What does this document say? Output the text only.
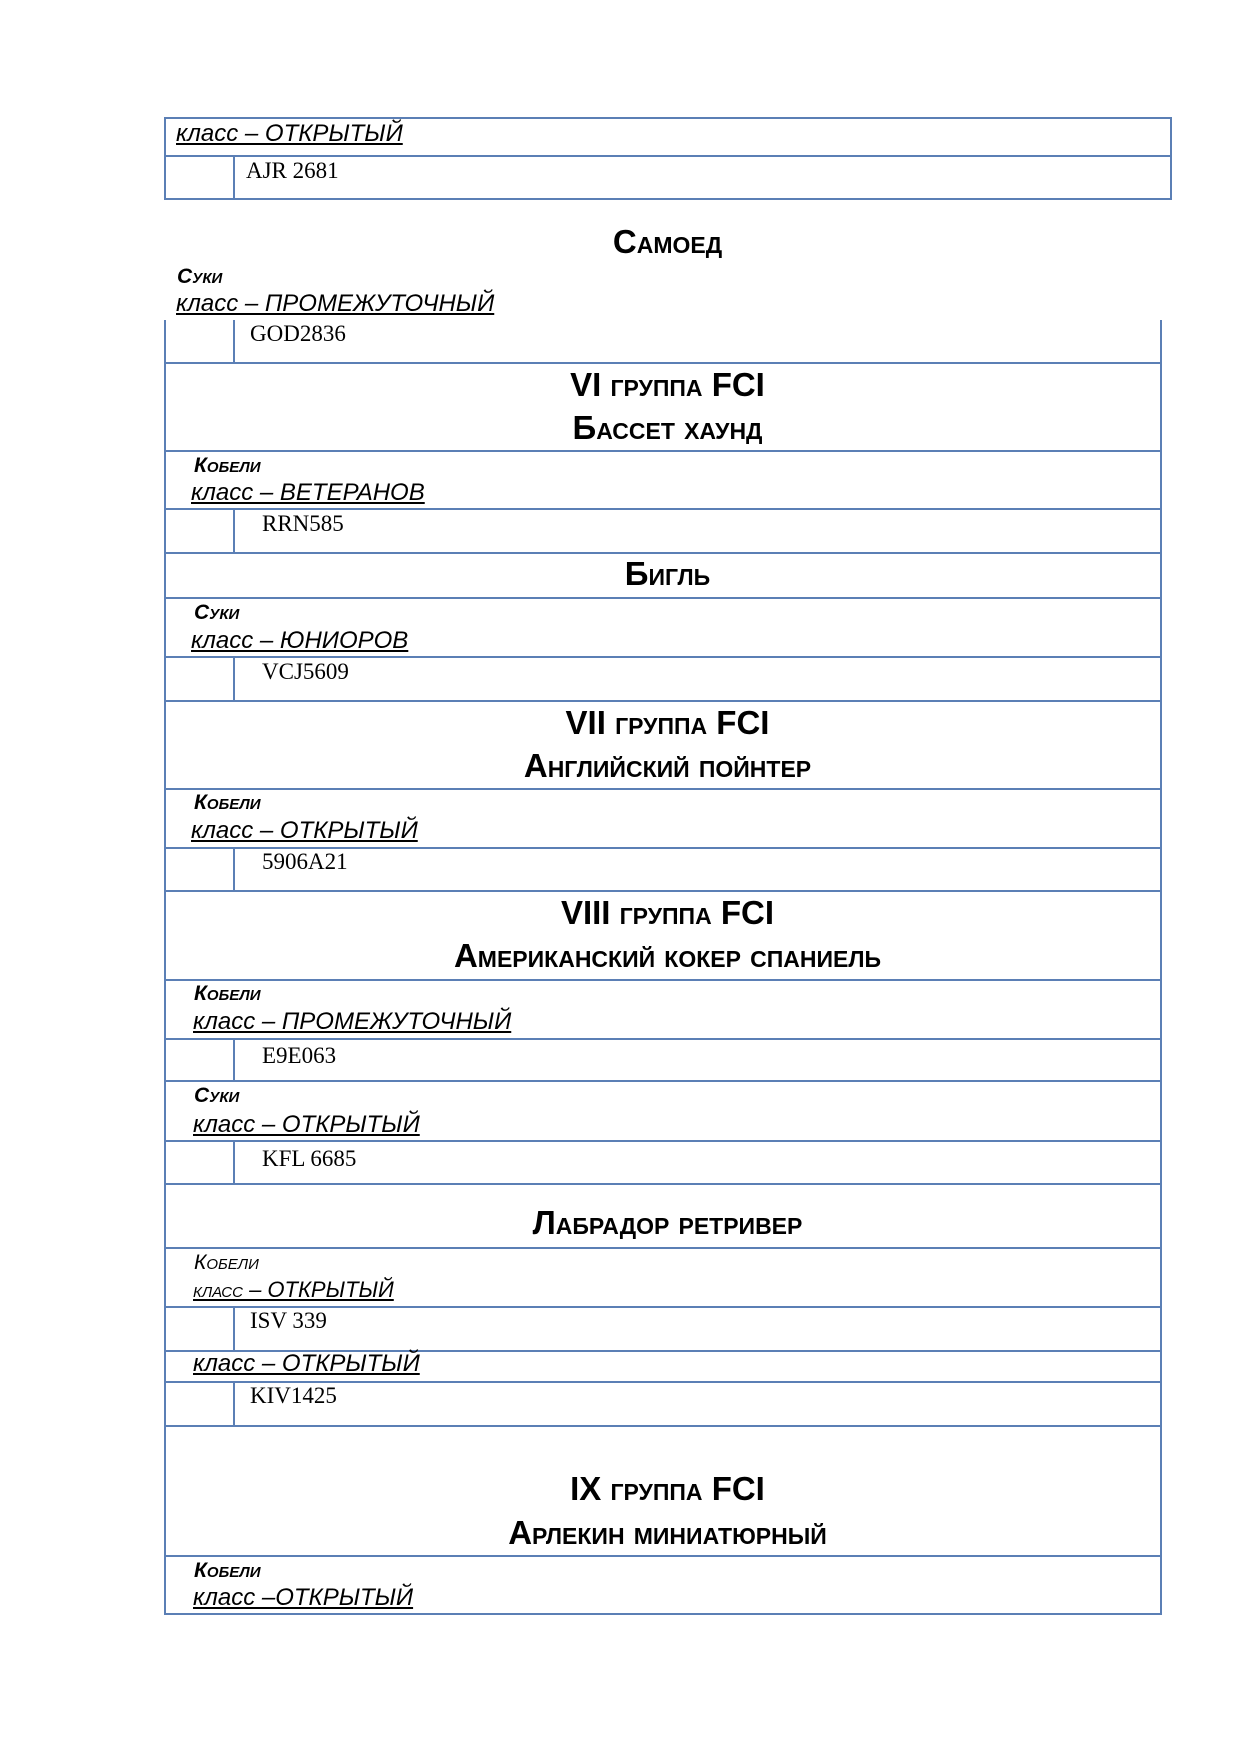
класс – ОТКРЫТЫЙ
AJR 2681
Самоед
Суки
класс – ПРОМЕЖУТОЧНЫЙ
GOD2836
VI группа FCI
Бассет хаунд
Кобели
класс – ВЕТЕРАНОВ
RRN585
Бигль
Суки
класс – ЮНИОРОВ
VCJ5609
VII группа FCI
Английский пойнтер
Кобели
класс – ОТКРЫТЫЙ
5906A21
VIII группа FCI
Американский кокер спаниель
Кобели
класс – ПРОМЕЖУТОЧНЫЙ
E9E063
Суки
класс – ОТКРЫТЫЙ
KFL 6685
Лабрадор ретривер
Кобели
класс – ОТКРЫТЫЙ
ISV 339
класс – ОТКРЫТЫЙ
KIV1425
IX группа FCI
Арлекин миниатюрный
Кобели
класс –ОТКРЫТЫЙ
